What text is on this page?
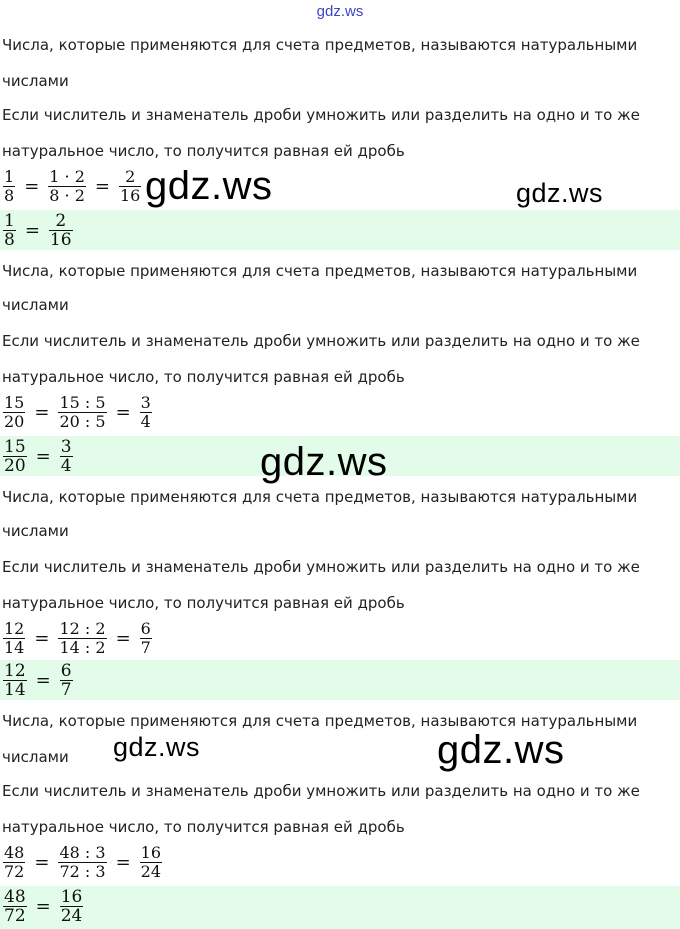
gdz.ws
Числа, которые применяются для счета предметов, называются натуральными
числами
Если числитель и знаменатель дроби умножить или разделить на одно и то же
натуральное число, то получится равная ей дробь
$\frac{1}{8} = \frac{1 \cdot 2}{8 \cdot 2} = \frac{2}{16}$
$\frac{1}{8} = \frac{2}{16}$
Числа, которые применяются для счета предметов, называются натуральными
числами
Если числитель и знаменатель дроби умножить или разделить на одно и то же
натуральное число, то получится равная ей дробь
$\frac{15}{20} = \frac{15 : 5}{20 : 5} = \frac{3}{4}$
$\frac{15}{20} = \frac{3}{4}$
Числа, которые применяются для счета предметов, называются натуральными
числами
Если числитель и знаменатель дроби умножить или разделить на одно и то же
натуральное число, то получится равная ей дробь
$\frac{12}{14} = \frac{12 : 2}{14 : 2} = \frac{6}{7}$
$\frac{12}{14} = \frac{6}{7}$
Числа, которые применяются для счета предметов, называются натуральными
числами
Если числитель и знаменатель дроби умножить или разделить на одно и то же
натуральное число, то получится равная ей дробь
$\frac{48}{72} = \frac{48 : 3}{72 : 3} = \frac{16}{24}$
$\frac{48}{72} = \frac{16}{24}$
gdz.ws	gdz.ws
gdz.ws
gdz.ws	gdz.ws
